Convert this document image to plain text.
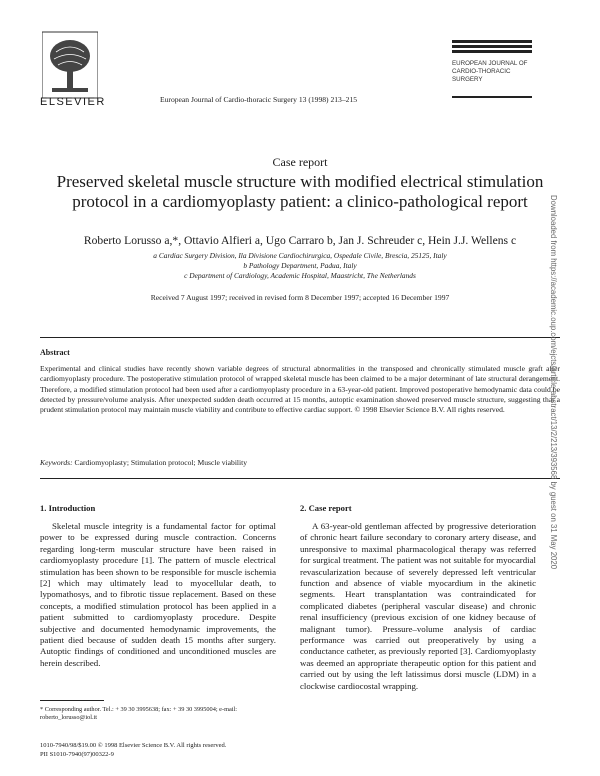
ELSEVIER	European Journal of Cardio-thoracic Surgery 13 (1998) 213–215
EUROPEAN JOURNAL OF
CARDIO-THORACIC
SURGERY
Case report
Preserved skeletal muscle structure with modified electrical stimulation
protocol in a cardiomyoplasty patient: a clinico-pathological report
Roberto Lorusso a,*, Ottavio Alfieri a, Ugo Carraro b, Jan J. Schreuder c, Hein J.J. Wellens c
a Cardiac Surgery Division, Ila Divisione Cardiochirurgica, Ospedale Civile, Brescia, 25125, Italy
b Pathology Department, Padua, Italy
c Department of Cardiology, Academic Hospital, Maastricht, The Netherlands
Received 7 August 1997; received in revised form 8 December 1997; accepted 16 December 1997
Abstract
Experimental and clinical studies have recently shown variable degrees of structural abnormalities in the transposed and chronically stimulated muscle graft after cardiomyoplasty procedure. The postoperative stimulation protocol of wrapped skeletal muscle has been claimed to be a major determinant of late structural derangement. Therefore, a modified stimulation protocol had been used after a cardiomyoplasty procedure in a 63-year-old patient. Improved postoperative hemodynamic data could be detected by pressure/volume analysis. After unexpected sudden death occurred at 15 months, autoptic examination showed preserved muscle structure, suggesting that a prudent stimulation protocol may maintain muscle viability and contribute to effective cardiac support. © 1998 Elsevier Science B.V. All rights reserved.
Keywords: Cardiomyoplasty; Stimulation protocol; Muscle viability
1. Introduction

Skeletal muscle integrity is a fundamental factor for optimal power to be expressed during muscle contraction. Concerns regarding long-term muscular structure have been raised in cardiomyoplasty procedure [1]. The pattern of muscle electrical stimulation has been shown to be responsible for muscle ischemia [2] which may ultimately lead to myocellular death, to lypomathosys, and to fibrotic tissue replacement. Based on these concepts, a modified stimulation protocol has been applied in a patient submitted to cardiomyoplasty procedure. Despite subjective and documented hemodynamic improvements, the patient died because of sudden death 15 months after surgery. Autoptic findings of conditioned and unconditioned muscles are herein described.

* Corresponding author. Tel.: + 39 30 3995638; fax: + 39 30 3995004; e-mail: roberto_lorusso@iol.it
1010-7940/98/$19.00 © 1998 Elsevier Science B.V. All rights reserved.
PII S1010-7940(97)00322-9
2. Case report

A 63-year-old gentleman affected by progressive deterioration of chronic heart failure secondary to coronary artery disease, and unresponsive to maximal pharmacological therapy was referred for surgical treatment. The patient was not suitable for myocardial revascularization because of severely depressed left ventricular function and absence of viable myocardium in the akinetic segments. Heart transplantation was contraindicated for complicated diabetes (peripheral vascular disease) and chronic renal insufficiency (previous excision of one kidney because of malignant tumor). Pressure–volume analysis of cardiac performance was carried out preoperatively by using a conductance catheter, as previously reported [3]. Cardiomyoplasty was deemed an appropriate therapeutic option for this patient and carried out by using the left latissimus dorsi muscle (LDM) in a clockwise cardiocostal wrapping.

Downloaded from https://academic.oup.com/ejcts/article-abstract/13/2/213/393568 by guest on 31 May 2020
